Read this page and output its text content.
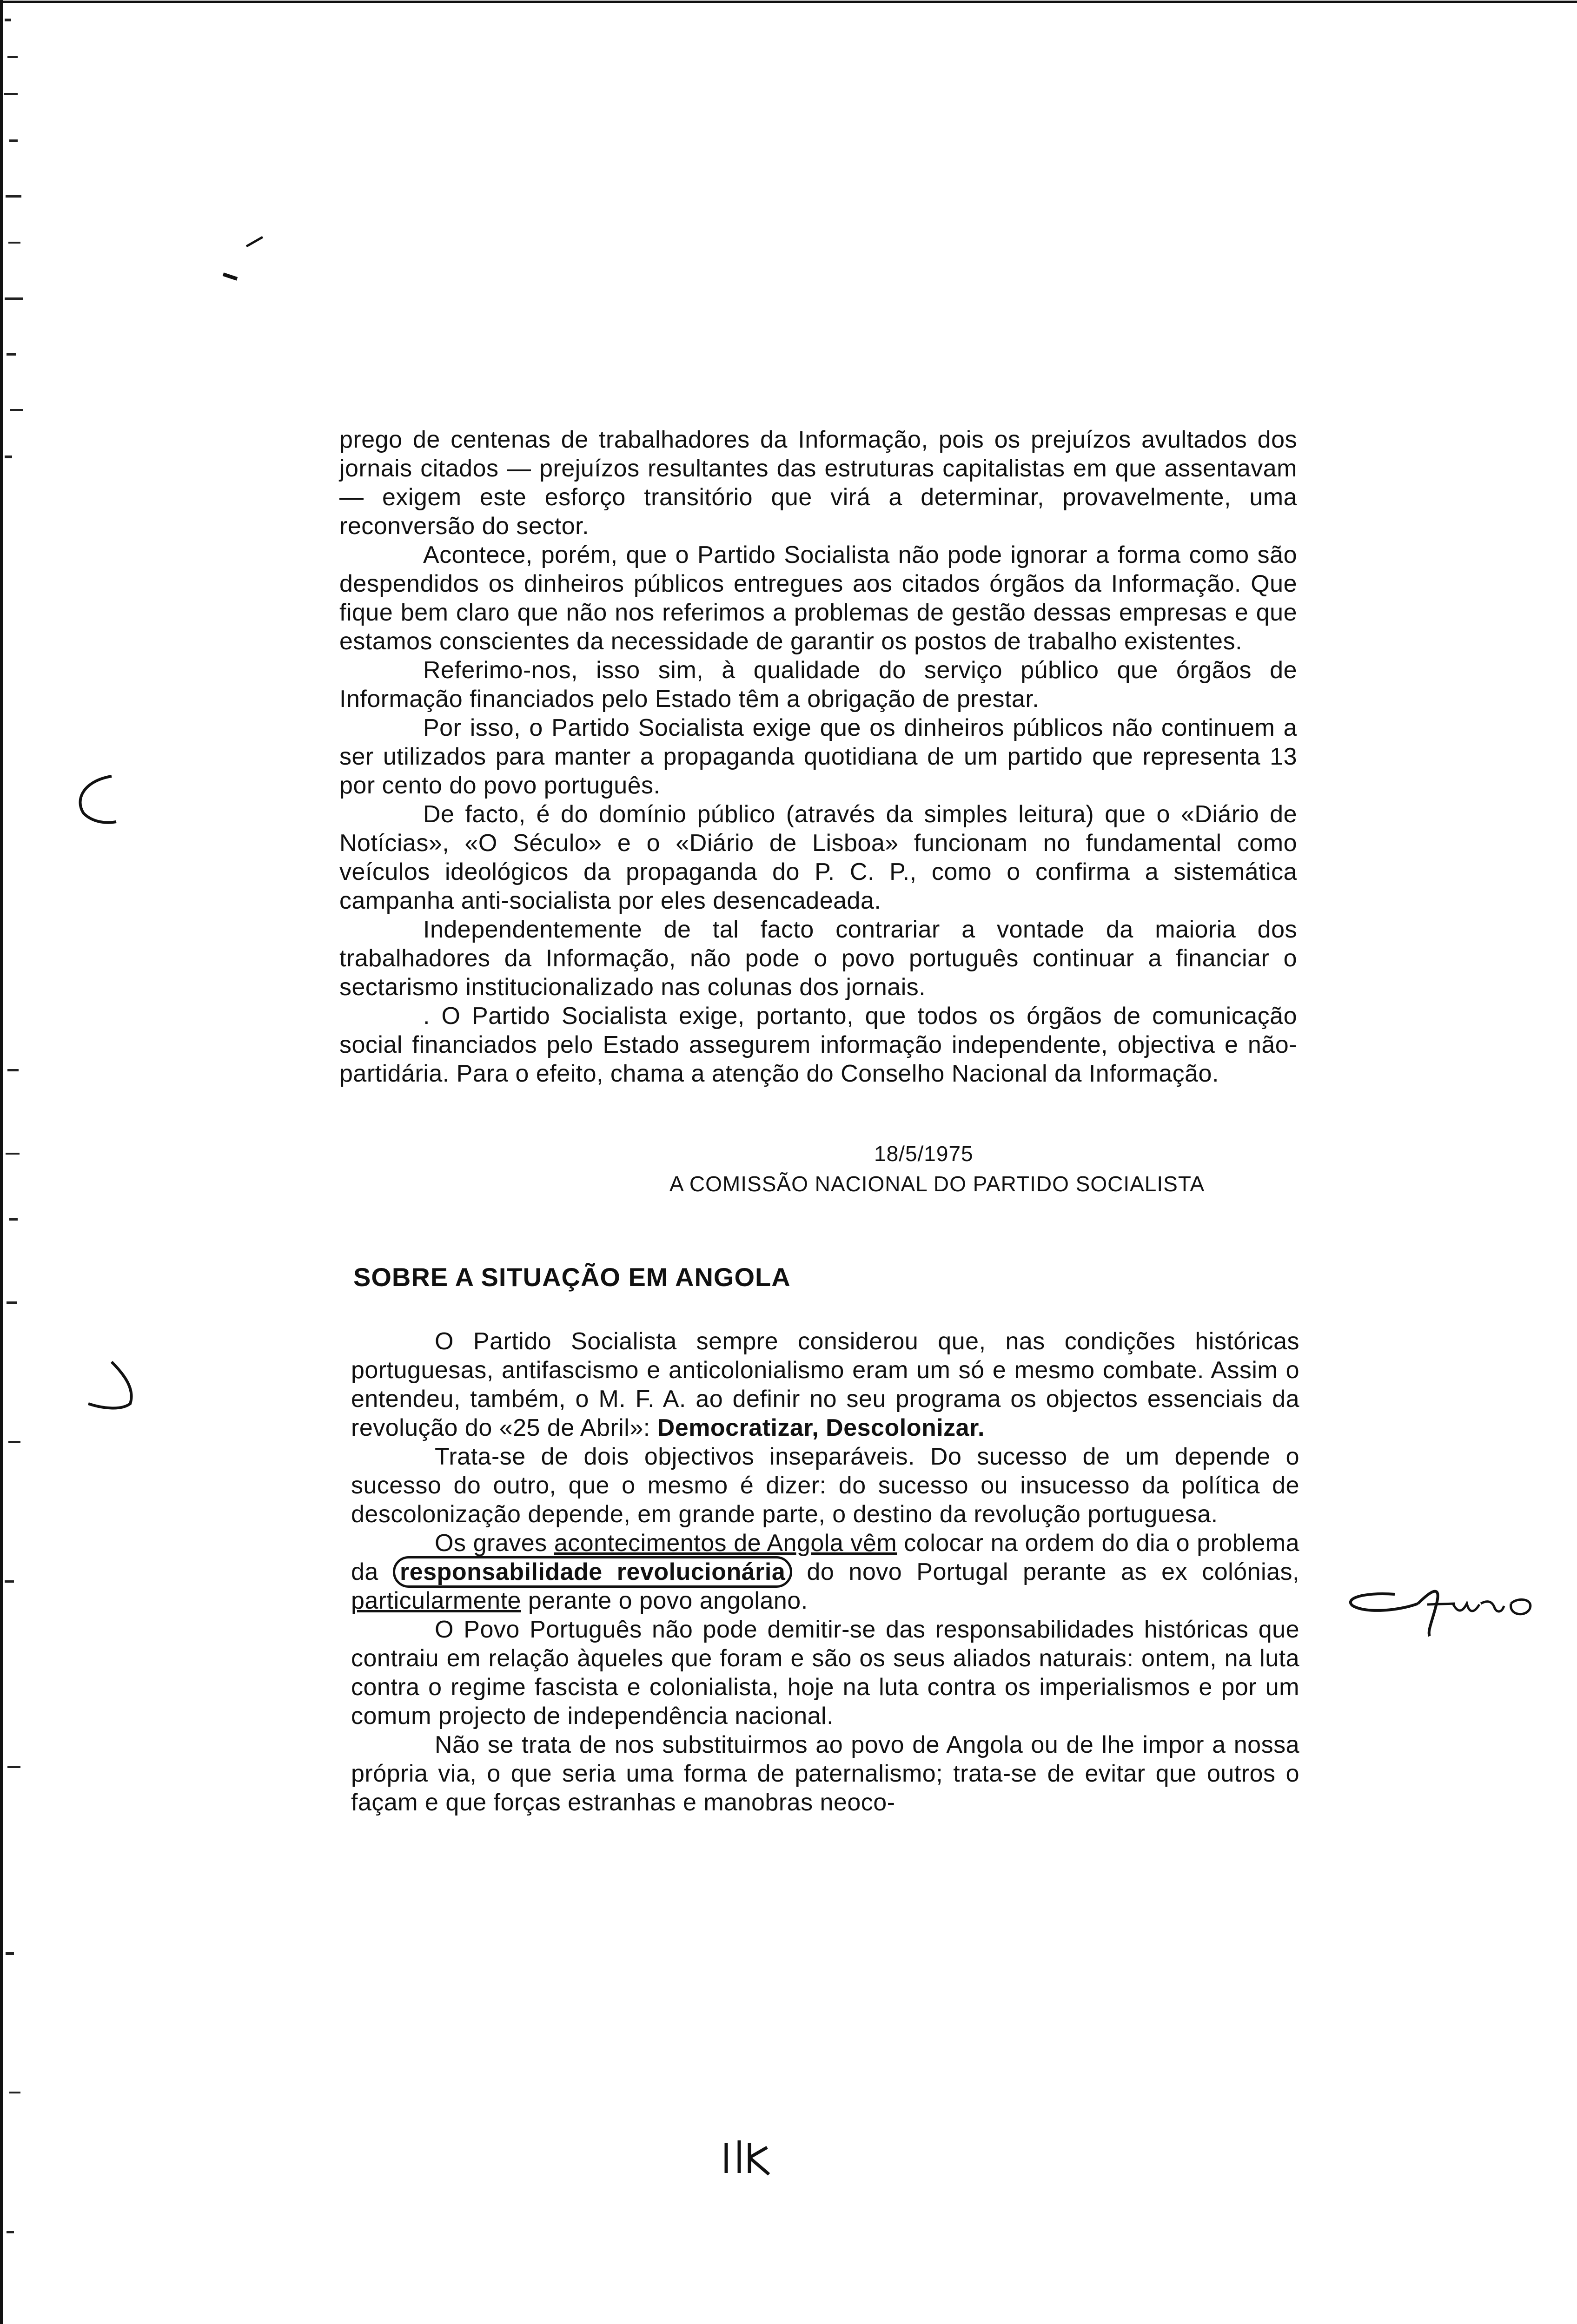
prego de centenas de trabalhadores da Informação, pois os prejuízos avultados dos jornais citados — prejuízos resultantes das estruturas capitalistas em que assentavam — exigem este esforço transitório que virá a determinar, provavelmente, uma reconversão do sector.

Acontece, porém, que o Partido Socialista não pode ignorar a forma como são despendidos os dinheiros públicos entregues aos citados órgãos da Informação. Que fique bem claro que não nos referimos a problemas de gestão dessas empresas e que estamos conscientes da necessidade de garantir os postos de trabalho existentes.

Referimo-nos, isso sim, à qualidade do serviço público que órgãos de Informação financiados pelo Estado têm a obrigação de prestar.

Por isso, o Partido Socialista exige que os dinheiros públicos não continuem a ser utilizados para manter a propaganda quotidiana de um partido que representa 13 por cento do povo português.

De facto, é do domínio público (através da simples leitura) que o «Diário de Notícias», «O Século» e o «Diário de Lisboa» funcionam no fundamental como veículos ideológicos da propaganda do P. C. P., como o confirma a sistemática campanha anti-socialista por eles desencadeada.

Independentemente de tal facto contrariar a vontade da maioria dos trabalhadores da Informação, não pode o povo português continuar a financiar o sectarismo institucionalizado nas colunas dos jornais.

. O Partido Socialista exige, portanto, que todos os órgãos de comunicação social financiados pelo Estado assegurem informação independente, objectiva e não-partidária. Para o efeito, chama a atenção do Conselho Nacional da Informação.

18/5/1975
A COMISSÃO NACIONAL DO PARTIDO SOCIALISTA
SOBRE A SITUAÇÃO EM ANGOLA

O Partido Socialista sempre considerou que, nas condições históricas portuguesas, antifascismo e anticolonialismo eram um só e mesmo combate. Assim o entendeu, também, o M. F. A. ao definir no seu programa os objectos essenciais da revolução do «25 de Abril»: Democratizar, Descolonizar.

Trata-se de dois objectivos inseparáveis. Do sucesso de um depende o sucesso do outro, que o mesmo é dizer: do sucesso ou insucesso da política de descolonização depende, em grande parte, o destino da revolução portuguesa.

Os graves acontecimentos de Angola vêm colocar na ordem do dia o problema da responsabilidade revolucionária do novo Portugal perante as ex colónias, particularmente perante o povo angolano.

O Povo Português não pode demitir-se das responsabilidades históricas que contraiu em relação àqueles que foram e são os seus aliados naturais: ontem, na luta contra o regime fascista e colonialista, hoje na luta contra os imperialismos e por um comum projecto de independência nacional.

Não se trata de nos substituirmos ao povo de Angola ou de lhe impor a nossa própria via, o que seria uma forma de paternalismo; trata-se de evitar que outros o façam e que forças estranhas e manobras neoco-
